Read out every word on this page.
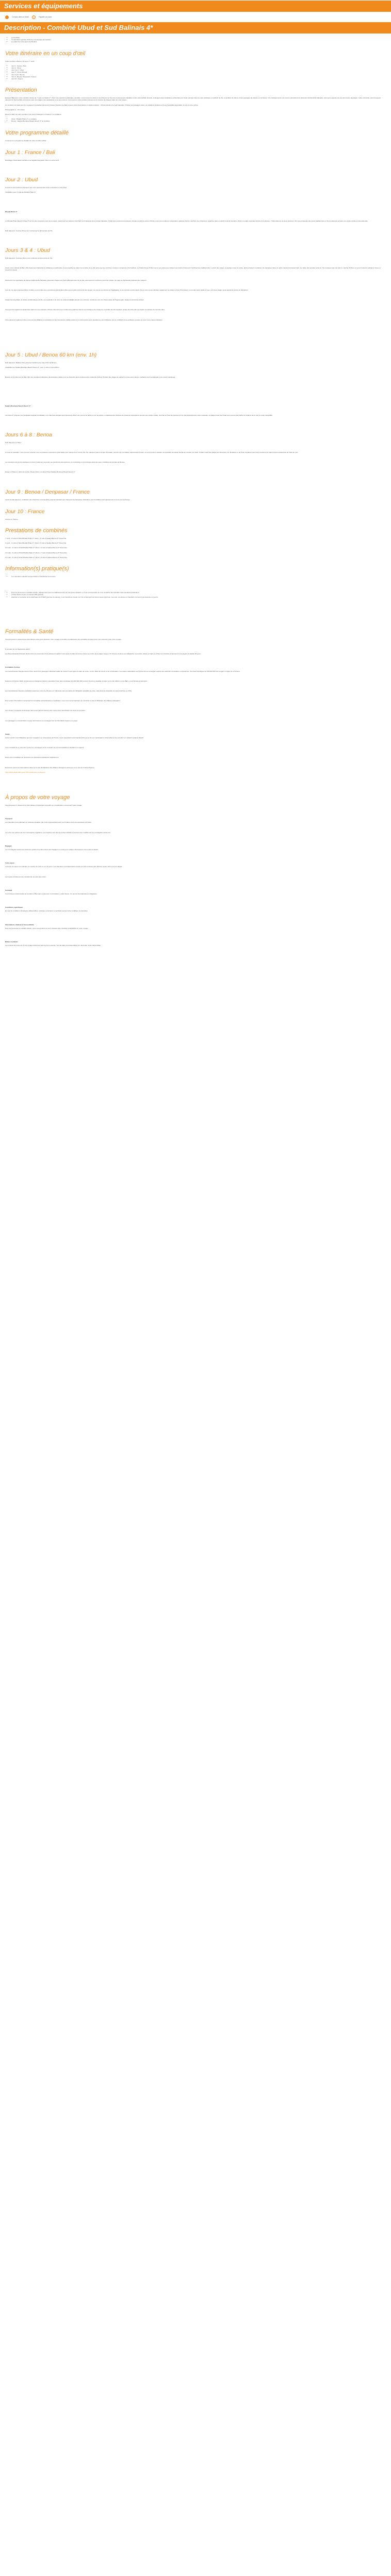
Services et équipements
Compris dans ce forfait	Payable sur place
Description - Combiné Ubud et Sud Balinais 4*
• La flexibilité
• Combinaison ajoutée d'Ubud et sa paysage atmosphère
• Le plaisir de votre séjour de Rendez
Votre itinéraire en un coup d'œil

Votre combiné a Bali en 10 jours / 7 nuits :

• Jour 1 : France / Bali
• Jour 2 : Ubud
• Jour 3 à 4 : Ubud
• Jour 5 : Ubud / Benoa
• Jour 6 à 8 : Benoa
• Jour 9 : Benoa / Denpasar / France
• Jour 10 : France
Présentation

Explorez Bali avec notre combiné unique de 7 nuits en Hotels 4*. Vivez une expérience balinaise complète, commencez la culture et de l'histoire de l'île avec la découverte détaillée et des sites de Bali. Ensuite, prolongez dans l'ambiance authentique de Ubud, plongez dans le cœur artistique et spirituel de l'île, et profitez du calme et des paysages de rizières en terrasses. Vos hébergements sur mesure permettent de découvrir l'authenticité balinaise, ainsi qu'un aperçu de ses plus beaux paysages. Cette extension vous fera aussi découvrir le Sud de Bali, plus animé avec ses plages, ses restaurants et sa vie nocturne. Vous pourrez alors profiter pleinement du charme de chaque étape de votre séjour.

Ce combiné est idéal pour les voyageurs souhaitant découvrir plusieurs facettes de Bali à travers deux destinations complémentaires : l'Ubud culturel et le Sud balnéaire. Profitez de paysages variés, de traditions vivantes et d'une hospitalité légendaire, le tout à votre rythme.

Photographie 4 : Vos hôtels

Dans le cadre de votre combiné vous serez hébergés en hôtels 4* ou similaires.

• Ubud : Rhadia Phalo 4* ou similaire
• Benoa : Sadara Boutique Beach Resort 4* ou similaire
Votre programme détaillé

Ci-dessous le programme détaillé de votre combiné à Bali :

Jour 1 : France / Bali

Décollage à destination de Bali et sa capitale Denpasar. Dîner et nuit à bord.

Jour 2 : Ubud

Accueil à votre arrivée à l'aéroport par votre représentant local et transfert à votre hôtel.

Installation pour 3 nuits au Rhadia Phalo 4*.

Rhadia Phalo 4*

Le Rhadia Phalo Resort & Spa 4* est l'un des premiers resort de la région. Idéal pour les visiteurs cherchant à s'imprégner de la culture balinaise, l'hôtel est à seulement quelques minutes à pied du centre d'Ubud, et de ses nombreux restaurants, galeries d'art et marchés. Les chambres, réparties dans un jardin tropical luxuriant, offrent un cadre reposant propice à la détente. L'hôtel dispose de deux piscines, d'un spa proposant des soins traditionnels et d'un restaurant servant une cuisine locale et internationale.

Petit déjeuner. Journée libre pour commencer la découverte de l'île.

Jours 3 & 4 : Ubud

Petit déjeuner. Journées libres pour continuer la découverte de l'île.

Ubud, cœur culturel de Bali, offre beaucoup d'attractions artistiques et spirituelles. Il est possible de visiter les temples de la ville ainsi que les nombreux musées consacrés à l'art balinais. Le Palais Royal d'Ubud ouvre ses portes aux visiteurs qui désirent découvrir l'architecture traditionnelle. La forêt des singes, à quelques pas du centre, abrite plusieurs centaines de macaques dans un cadre naturel impressionnant, au milieu des temples anciens. Ne manquez pas non plus le marché d'Ubud, où vous trouverez artisanat, tissus et souvenirs locaux.

Découvrez les spectacles de danse traditionnelle balinaise présentés chaque soir dans différents lieux de la ville, ainsi que les nombreux cours de cuisine, de yoga ou d'artisanat proposés aux visiteurs.

Lors de vos deux journées libres, profitez en pour faire des excursions optionnelles telles que la visite de la forêt des singes, ou encore les rizières de Tegallalang, et les temples environnants. Nous vous recommandons également de visiter le Pura Tirta Empul, un temple sacré dédié à l'eau, et le Goa Gajah, aussi appelé la Grotte de l'Éléphant.

Visitez Gunung Batur, le volcan emblématique de l'île, pour assister à un lever de soleil inoubliable depuis son sommet. Continuez vers les chutes d'eau de Tegenungan, situées à proximité d'Ubud.

Vous pourrez également déambuler dans les rues animées d'Ubud, découvrir ses nombreuses galeries d'art et ses boutiques de créateurs, et profiter de l'atmosphère unique de cette ville qui inspire les artistes du monde entier.

Vous passerez également des moments inoubliables en participant à des cérémonies traditionnelles et en découvrant la vie quotidienne des habitants, tout en profitant d'une ambiance sereine au cœur de la nature balinaise.

Jour 5 : Ubud / Benoa 60 km (env. 1h)

Petit déjeuner. Matinée libre jusqu'au transfert vers votre hôtel de Benoa.

Installation au Sadara Boutique Beach Resort 4*, pour 4 nuits et repos libres.

Benoa, sur la côte sud de Bali, offre une ambiance balnéaire décontractée, idéale pour se détendre après la découverte culturelle d'Ubud. Profitez des plages de sable fin et des eaux calmes, parfaites pour la baignade et les sports nautiques.

Sadara Boutique Beach Resort 4*

Cet hôtel 4* propose une escapade tropicale inoubliable. Les chambres élégamment décorées offrent une vue sur le jardin ou sur la piscine. L'établissement dispose de plusieurs restaurants servant une cuisine variée, d'un bar en bord de piscine et d'un spa proposant des soins relaxants. La plage privée de l'hôtel vous permet de profiter du soleil et de la mer en toute tranquillité.

Jours 6 à 8 : Benoa

Petit déjeuner à l'hôtel.

Si vous le souhaitez, vous pourrez réserver une ou plusieurs excursions optionnelles pour découvrir le sud de l'île. Ne manquez pas le temple d'Uluwatu, perché sur une falaise surplombant l'océan, où vous pourrez assister au spectacle de danse Kecak au coucher du soleil. Profitez aussi des plages de Nusa Dua, de Jimbaran ou de Kuta, réputées pour leurs couchers de soleil et leurs restaurants de fruits de mer.

Les amateurs de sports nautiques pourront s'adonner au jet-ski, au parachute ascensionnel, au snorkeling ou à la plongée dans les eaux cristallines de la baie de Benoa.

Retour à l'hôtel en début de soirée. Repas libres et nuits à l'hôtel Sadara Boutique Beach Resort 4*.

Jour 9 : Benoa / Denpasar / France

Après le petit déjeuner, restitution des chambres et temps libre jusqu'au transfert vers l'aéroport de Denpasar. Assistance aux formalités d'enregistrement et envol pour la France.

Jour 10 : France

Arrivée en France.

Prestations de combinés

7 nuits - 3 nuits à l'hôtel Rhadia Phalo 4* Ubud + 4 nuits à Sadara Benoa 4* Nusa Dua

9 nuits - 4 nuits à l'hôtel Rhadia Phalo 4* Ubud + 5 nuits à Sadara Benoa 4* Nusa Dua

10 nuits - 4 nuits à l'hôtel Rhadia Phalo 4* Ubud + 6 nuits à Sadara Benoa 4* Nusa Dua

12 nuits - 5 nuits à l'hôtel Rhadia Phalo 4* Ubud + 7 nuits à Sadara Benoa 4* Nusa Dua

14 nuits - 6 nuits à l'hôtel Rhadia Phalo 4* Ubud + 8 nuits à Sadara Benoa 4* Nusa Dua

Information(s) pratique(s)
• Les transferts collectifs aéroport/hôtel et hôtel/hôtel sont inclus.
• Pour les personnes à mobilité réduite, pratiquement tous les établissements ont des accès adaptés, et il est recommandé de nous contacter afin d'étudier toute demande particulière.
• L'hôtel dispose d'une connexion WiFi gratuite.
• Attention à l'occasion de la célébration du NYEPI (journée du silence), il est interdit de circuler sur l'île et l'aéroport est fermé toute la journée. Les vols, excursions et transferts ne seront pas assurés ce jour-là.
Formalités & Santé

Vous trouverez ci-dessous les informations utiles pour préparer votre voyage et prendre connaissance des actualités du pays pour vous sécuriser pour votre voyage.

À compter du 1er Septembre 2023 :

Les Ressortissants Français doivent être en possession d'un passeport valide 6 mois après la date de retour et avec au moins deux pages vierges. Un visa de tourisme est obligatoire, il peut être obtenu en ligne (e-VOA) ou à l'arrivée à l'aéroport, il est payant et valable 30 jours.

Formalités d'entrée

Les ressortissants français devront être munis d'un passeport individuel valide au moins 6 mois après la date de retour, et d'un billet de retour ou de continuation. Les autres nationalités sont priées de se renseigner auprès des autorités consulaires compétentes. Une taxe touristique de 150 000 IDR est à régler en ligne ou à l'arrivée.

Depuis le 14 février 2024, les personnes étrangères doivent s'acquitter d'une taxe touristique de 150 000 IDR (environ 9 euros), payable en ligne sur le site officiel « Love Bali » ou à l'arrivée à l'aéroport.

Les ressortissants français souhaitant séjourner moins de 30 jours en Indonésie sont exemptés de l'obligation préalable de visa, mais doivent s'acquitter du visa à l'arrivée (e-VOA).

Pour toutes informations concernant les formalités administratives et sanitaires, nous vous recommandons de consulter le site du Ministère des Affaires étrangères.

Les mineurs voyageant à l'étranger sans leurs parents doivent être munis d'une autorisation de sortie du territoire.

Les passagers en transit dans un pays tiers doivent se renseigner sur les formalités propres à ce pays.

Santé

Aucun vaccin n'est obligatoire pour les voyageurs en provenance de France. Il est cependant recommandé d'être à jour de ses vaccinations universelles et de consulter un médecin avant le départ.

Il est conseillé de se prémunir contre les moustiques et de consulter les recommandations sanitaires en vigueur.

Nous vous conseillons de souscrire une assurance assistance rapatriement.

Retrouvez toutes les informations utiles sur le site du Ministère des Affaires étrangères ainsi que sur le site de l'Institut Pasteur.

https://www.diplomatie.gouv.fr/fr/conseils-aux-voyageurs/

À propos de votre voyage

Vous trouverez ci-dessous les informations importantes à prendre en considération concernant votre voyage.

Transport

Les transferts sont effectués en véhicule climatisé, par notre représentant local. Les horaires sont communiqués sur place.

Les vols sont opérés par des compagnies régulières. Les horaires sont donnés à titre indicatif et peuvent être modifiés par les compagnies aériennes.

Bagages

Les compagnies aériennes limitent le poids et les dimensions des bagages en soute et en cabine. Renseignez-vous avant le départ.

Votre séjour

La durée du séjour est calculée en nombre de nuits et non de jours. Les chambres sont disponibles à partir de 14h et doivent être libérées avant 12h le jour du départ.

Les repas et boissons non mentionnés ne sont pas inclus.

Conduite

Il est fortement déconseillé de conduire à Bali sans expérience, la circulation y étant dense. Un permis international est obligatoire.

Conditions spécifiques

En cas de conditions climatiques défavorables, certaines excursions ou activités peuvent être modifiées ou annulées.

Informations relatives à l'accessibilité

Pour les personnes à mobilité réduite, nous vous invitons à nous contacter afin d'étudier la faisabilité de votre voyage.

Bébés et enfants

Les enfants de moins de 2 ans voyagent dans les bras de leurs parents. Les lits bébé sont disponibles sur demande, selon disponibilité.
